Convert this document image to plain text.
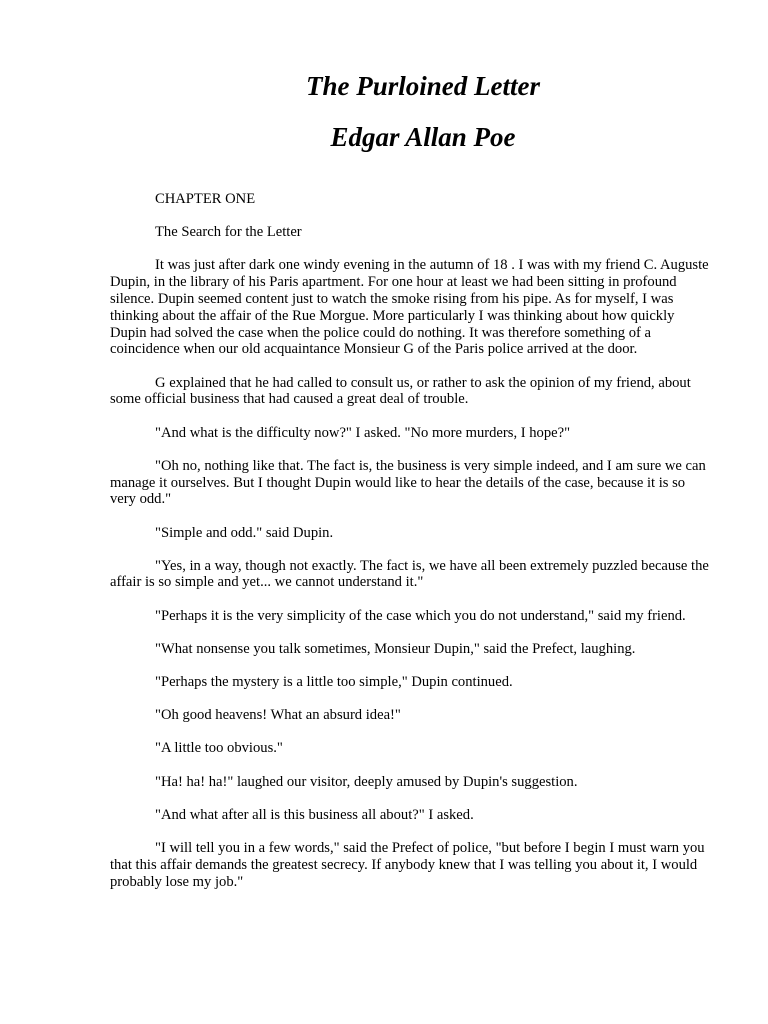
The Purloined Letter
Edgar Allan Poe

CHAPTER ONE

The Search for the Letter

It was just after dark one windy evening in the autumn of 18 . I was with my friend C. Auguste Dupin, in the library of his Paris apartment. For one hour at least we had been sitting in profound silence. Dupin seemed content just to watch the smoke rising from his pipe. As for myself, I was thinking about the affair of the Rue Morgue. More particularly I was thinking about how quickly Dupin had solved the case when the police could do nothing. It was therefore something of a coincidence when our old acquaintance Monsieur G of the Paris police arrived at the door.

G explained that he had called to consult us, or rather to ask the opinion of my friend, about some official business that had caused a great deal of trouble.

"And what is the difficulty now?" I asked. "No more murders, I hope?"

"Oh no, nothing like that. The fact is, the business is very simple indeed, and I am sure we can manage it ourselves. But I thought Dupin would like to hear the details of the case, because it is so very odd."

"Simple and odd." said Dupin.

"Yes, in a way, though not exactly. The fact is, we have all been extremely puzzled because the affair is so simple and yet... we cannot understand it."

"Perhaps it is the very simplicity of the case which you do not understand," said my friend.

"What nonsense you talk sometimes, Monsieur Dupin," said the Prefect, laughing.

"Perhaps the mystery is a little too simple," Dupin continued.

"Oh good heavens! What an absurd idea!"

"A little too obvious."

"Ha! ha! ha!" laughed our visitor, deeply amused by Dupin's suggestion.

"And what after all is this business all about?" I asked.

"I will tell you in a few words," said the Prefect of police, "but before I begin I must warn you that this affair demands the greatest secrecy. If anybody knew that I was telling you about it, I would probably lose my job."
